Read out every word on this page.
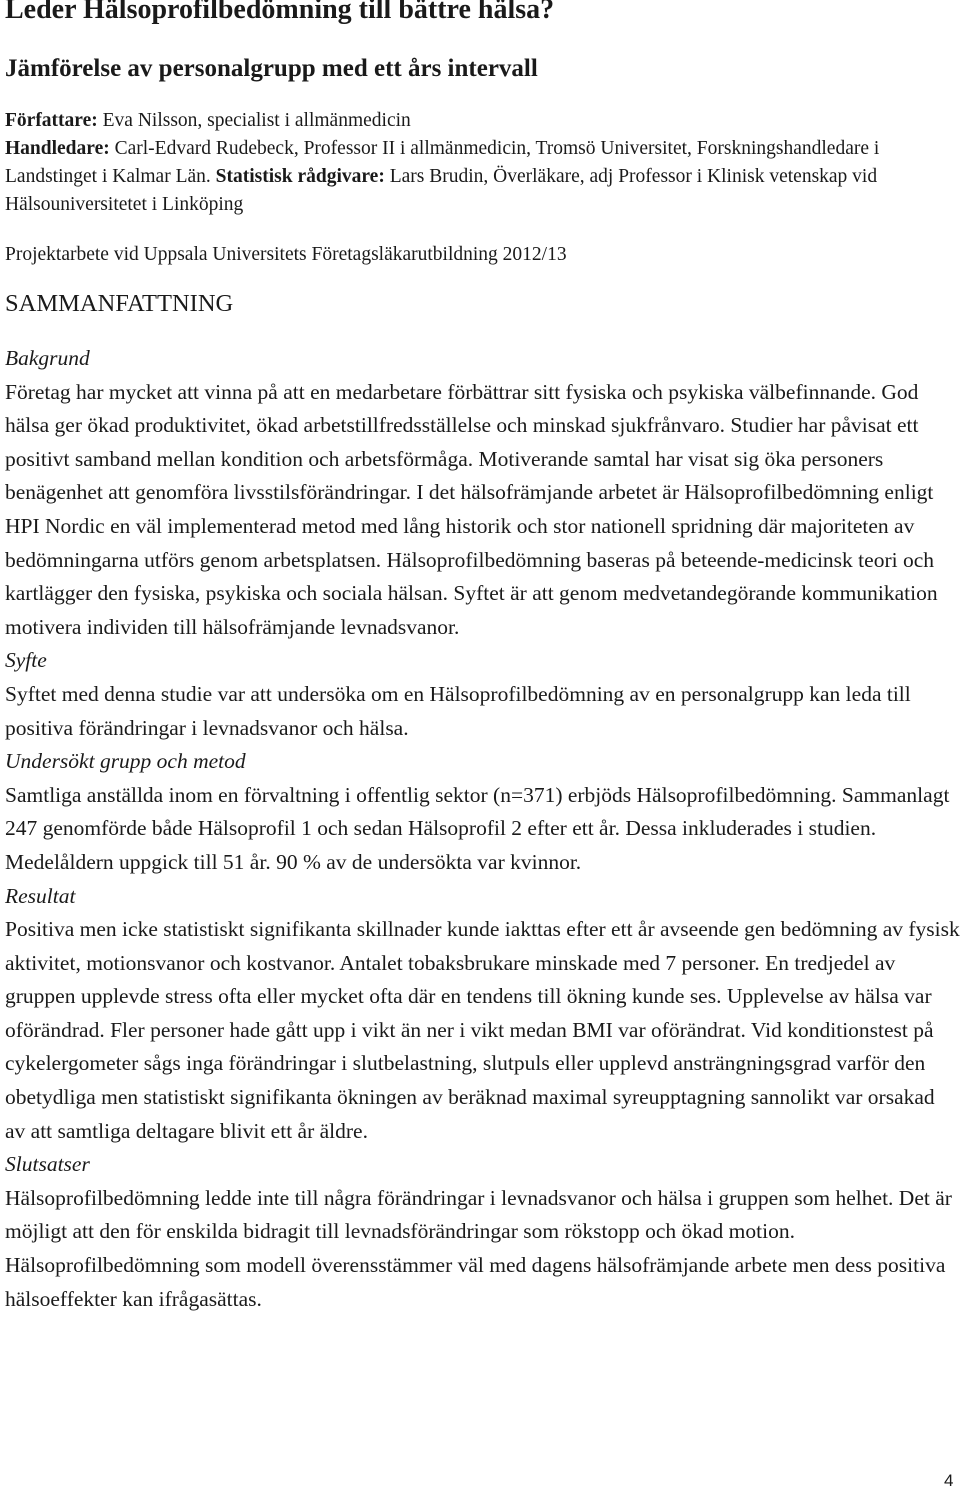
Leder Hälsoprofilbedömning till bättre hälsa?
Jämförelse av personalgrupp med ett års intervall
Författare: Eva Nilsson, specialist i allmänmedicin
Handledare: Carl-Edvard Rudebeck, Professor II i allmänmedicin, Tromsö Universitet, Forskningshandledare i
Landstinget i Kalmar Län. Statistisk rådgivare: Lars Brudin, Överläkare, adj Professor i Klinisk vetenskap vid
Hälsouniversitetet i Linköping
Projektarbete vid Uppsala Universitets Företagsläkarutbildning 2012/13
SAMMANFATTNING
Bakgrund
Företag har mycket att vinna på att en medarbetare förbättrar sitt fysiska och psykiska välbefinnande. God hälsa ger ökad produktivitet, ökad arbetstillfredsställelse och minskad sjukfrånvaro. Studier har påvisat ett positivt samband mellan kondition och arbetsförmåga. Motiverande samtal har visat sig öka personers benägenhet att genomföra livsstilsförändringar. I det hälsofrämjande arbetet är Hälsoprofilbedömning enligt HPI Nordic en väl implementerad metod med lång historik och stor nationell spridning där majoriteten av bedömningarna utförs genom arbetsplatsen. Hälsoprofilbedömning baseras på beteende-medicinsk teori och kartlägger den fysiska, psykiska och sociala hälsan. Syftet är att genom medvetandegörande kommunikation motivera individen till hälsofrämjande levnadsvanor.
Syfte
Syftet med denna studie var att undersöka om en Hälsoprofilbedömning av en personalgrupp kan leda till positiva förändringar i levnadsvanor och hälsa.
Undersökt grupp och metod
Samtliga anställda inom en förvaltning i offentlig sektor (n=371) erbjöds Hälsoprofilbedömning. Sammanlagt 247 genomförde både Hälsoprofil 1 och sedan Hälsoprofil 2 efter ett år. Dessa inkluderades i studien. Medelåldern uppgick till 51 år. 90 % av de undersökta var kvinnor.
Resultat
Positiva men icke statistiskt signifikanta skillnader kunde iakttas efter ett år avseende gen bedömning av fysisk aktivitet, motionsvanor och kostvanor. Antalet tobaksbrukare minskade med 7 personer. En tredjedel av gruppen upplevde stress ofta eller mycket ofta där en tendens till ökning kunde ses. Upplevelse av hälsa var oförändrad. Fler personer hade gått upp i vikt än ner i vikt medan BMI var oförändrat. Vid konditionstest på cykelergometer sågs inga förändringar i slutbelastning, slutpuls eller upplevd ansträngningsgrad varför den obetydliga men statistiskt signifikanta ökningen av beräknad maximal syreupptagning sannolikt var orsakad av att samtliga deltagare blivit ett år äldre.
Slutsatser
Hälsoprofilbedömning ledde inte till några förändringar i levnadsvanor och hälsa i gruppen som helhet. Det är möjligt att den för enskilda bidragit till levnadsförändringar som rökstopp och ökad motion. Hälsoprofilbedömning som modell överensstämmer väl med dagens hälsofrämjande arbete men dess positiva hälsoeffekter kan ifrågasättas.
4
